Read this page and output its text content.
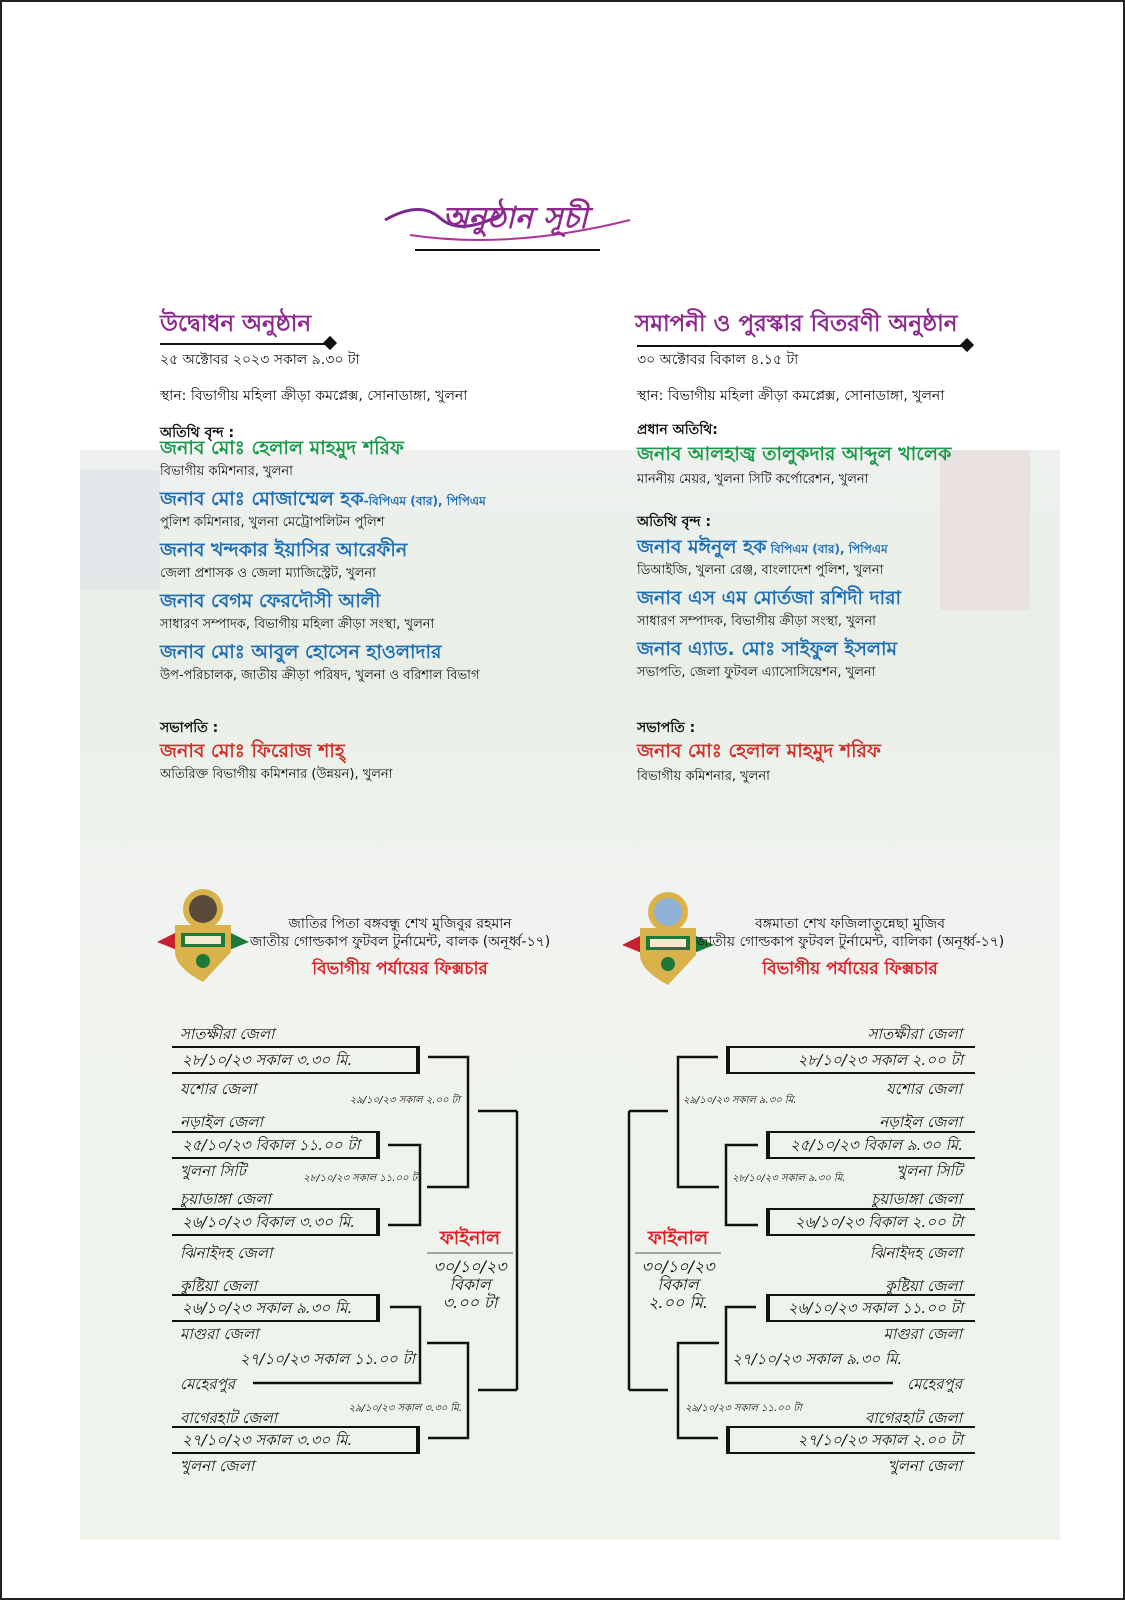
অনুষ্ঠান সূচী
উদ্বোধন অনুষ্ঠান
২৫ অক্টোবর ২০২৩ সকাল ৯.৩০ টা
স্থান: বিভাগীয় মহিলা ক্রীড়া কমপ্লেক্স, সোনাডাঙ্গা, খুলনা
অতিথি বৃন্দ :
জনাব মোঃ হেলাল মাহমুদ শরিফ
বিভাগীয় কমিশনার, খুলনা
জনাব মোঃ মোজাম্মেল হক-বিপিএম (বার), পিপিএম
পুলিশ কমিশনার, খুলনা মেট্রোপলিটন পুলিশ
জনাব খন্দকার ইয়াসির আরেফীন
জেলা প্রশাসক ও জেলা ম্যাজিস্ট্রেট, খুলনা
জনাব বেগম ফেরদৌসী আলী
সাধারণ সম্পাদক, বিভাগীয় মহিলা ক্রীড়া সংস্থা, খুলনা
জনাব মোঃ আবুল হোসেন হাওলাদার
উপ-পরিচালক, জাতীয় ক্রীড়া পরিষদ, খুলনা ও বরিশাল বিভাগ
সভাপতি :
জনাব মোঃ ফিরোজ শাহ্
অতিরিক্ত বিভাগীয় কমিশনার (উন্নয়ন), খুলনা
সমাপনী ও পুরস্কার বিতরণী অনুষ্ঠান
৩০ অক্টোবর বিকাল ৪.১৫ টা
স্থান: বিভাগীয় মহিলা ক্রীড়া কমপ্লেক্স, সোনাডাঙ্গা, খুলনা
প্রধান অতিথি:
জনাব আলহাজ্ব তালুকদার আব্দুল খালেক
মাননীয় মেয়র, খুলনা সিটি কর্পোরেশন, খুলনা
অতিথি বৃন্দ :
জনাব মঈনুল হক বিপিএম (বার), পিপিএম
ডিআইজি, খুলনা রেঞ্জ, বাংলাদেশ পুলিশ, খুলনা
জনাব এস এম মোর্তজা রশিদী দারা
সাধারণ সম্পাদক, বিভাগীয় ক্রীড়া সংস্থা, খুলনা
জনাব এ্যাড. মোঃ সাইফুল ইসলাম
সভাপতি, জেলা ফুটবল এ্যাসোসিয়েশন, খুলনা
সভাপতি :
জনাব মোঃ হেলাল মাহমুদ শরিফ
বিভাগীয় কমিশনার, খুলনা
জাতির পিতা বঙ্গবন্ধু শেখ মুজিবুর রহমান
জাতীয় গোল্ডকাপ ফুটবল টুর্নামেন্ট, বালক (অনূর্ধ্ব-১৭)
বিভাগীয় পর্যায়ের ফিক্সচার
বঙ্গমাতা শেখ ফজিলাতুন্নেছা মুজিব
জাতীয় গোল্ডকাপ ফুটবল টুর্নামেন্ট, বালিকা (অনূর্ধ্ব-১৭)
বিভাগীয় পর্যায়ের ফিক্সচার
সাতক্ষীরা জেলা
যশোর জেলা
নড়াইল জেলা
খুলনা সিটি
চুয়াডাঙ্গা জেলা
ঝিনাইদহ জেলা
কুষ্টিয়া জেলা
মাগুরা জেলা
মেহেরপুর
বাগেরহাট জেলা
খুলনা জেলা
২৮/১০/২৩ সকাল ৩.৩০ মি.
২৫/১০/২৩ বিকাল ১১.০০ টা
২৬/১০/২৩ বিকাল ৩.৩০ মি.
২৬/১০/২৩ সকাল ৯.৩০ মি.
২৭/১০/২৩ সকাল ৩.৩০ মি.
২৭/১০/২৩ সকাল ১১.০০ টা
২৯/১০/২৩ সকাল ২.০০ টা
২৮/১০/২৩ সকাল ১১.০০ টা
২৯/১০/২৩ সকাল ৩.৩০ মি.
ফাইনাল
৩০/১০/২৩
বিকাল
৩.০০ টা
সাতক্ষীরা জেলা
যশোর জেলা
নড়াইল জেলা
খুলনা সিটি
চুয়াডাঙ্গা জেলা
ঝিনাইদহ জেলা
কুষ্টিয়া জেলা
মাগুরা জেলা
মেহেরপুর
বাগেরহাট জেলা
খুলনা জেলা
২৮/১০/২৩ সকাল ২.০০ টা
২৫/১০/২৩ বিকাল ৯.৩০ মি.
২৬/১০/২৩ বিকাল ২.০০ টা
২৬/১০/২৩ সকাল ১১.০০ টা
২৭/১০/২৩ সকাল ২.০০ টা
২৭/১০/২৩ সকাল ৯.৩০ মি.
২৯/১০/২৩ সকাল ৯.৩০ মি.
২৮/১০/২৩ সকাল ৯.৩০ মি.
২৯/১০/২৩ সকাল ১১.০০ টা
ফাইনাল
৩০/১০/২৩
বিকাল
২.০০ মি.
